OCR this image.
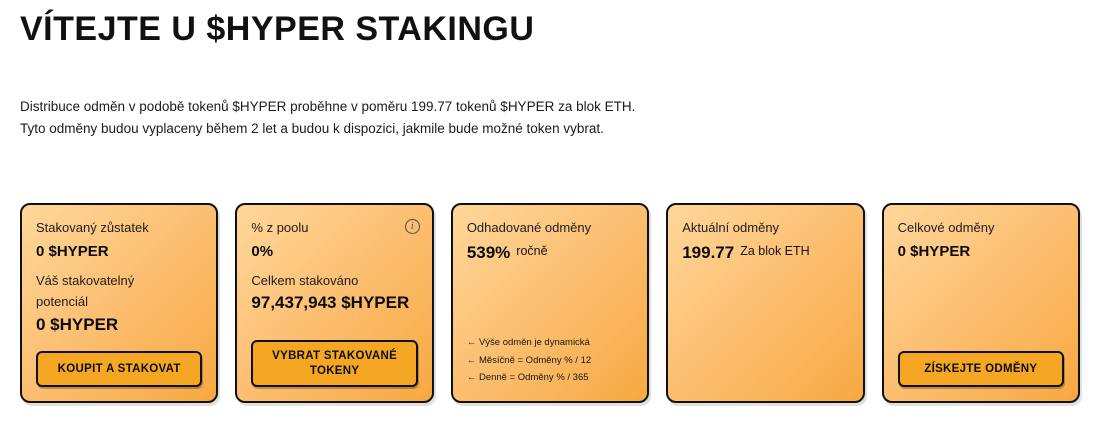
VÍTEJTE U $HYPER STAKINGU
Distribuce odměn v podobě tokenů $HYPER proběhne v poměru 199.77 tokenů $HYPER za blok ETH. Tyto odměny budou vyplaceny během 2 let a budou k dispozici, jakmile bude možné token vybrat.
Stakovaný zůstatek
0 $HYPER
Váš stakovatelný
potenciál
0 $HYPER
KOUPIT A STAKOVAT
% z poolu
0%
i
Celkem stakováno
97,437,943 $HYPER
VYBRAT STAKOVANÉ
TOKENY
Odhadované odměny
539% ročně
← Výše odměn je dynamická
← Měsíčně = Odměny % / 12
← Denně = Odměny % / 365
Aktuální odměny
199.77 Za blok ETH
Celkové odměny
0 $HYPER
ZÍSKEJTE ODMĚNY
